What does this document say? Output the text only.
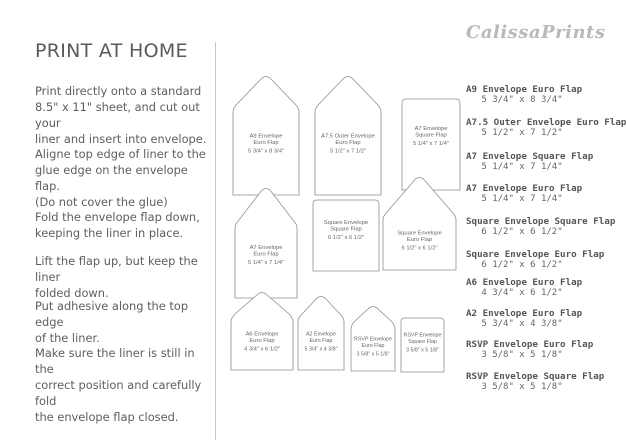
PRINT AT HOME

Print directly onto a standard
8.5" x 11" sheet, and cut out your
liner and insert into envelope.

Aligne top edge of liner to the
glue edge on the envelope flap.
(Do not cover the glue)

Fold the envelope flap down,
keeping the liner in place.

Lift the flap up, but keep the liner
folded down.

Put adhesive along the top edge
of the liner.

Make sure the liner is still in the
correct position and carefully fold
the envelope flap closed.

CalissaPrints
A9 Envelope
Euro Flap
5 3/4" x 8 3/4"
A7.5 Outer Envelope
Euro Flap
5 1/2" x 7 1/2"
A7 Envelope
Square Flap
5 1/4" x 7 1/4"
A7 Envelope
Euro Flap
5 1/4" x 7 1/4"
Square Envelope
Square Flap
6 1/2" x 6 1/2"
Square Envelope
Euro Flap
6 1/2" x 6 1/2"
A6 Envelope
Euro Flap
4 3/4" x 6 1/2"
A2 Envelope
Euro Flap
5 3/4" x 4 3/8"
RSVP Envelope
Euro Flap
3 5/8" x 5 1/8"
RSVP Envelope
Square Flap
3 5/8" x 5 1/8"
A9 Envelope Euro Flap
5 3/4" x 8 3/4"
A7.5 Outer Envelope Euro Flap
5 1/2" x 7 1/2"
A7 Envelope Square Flap
5 1/4" x 7 1/4"
A7 Envelope Euro Flap
5 1/4" x 7 1/4"
Square Envelope Square Flap
6 1/2" x 6 1/2"
Square Envelope Euro Flap
6 1/2" x 6 1/2"
A6 Envelope Euro Flap
4 3/4" x 6 1/2"
A2 Envelope Euro Flap
5 3/4" x 4 3/8"
RSVP Envelope Euro Flap
3 5/8" x 5 1/8"
RSVP Envelope Square Flap
3 5/8" x 5 1/8"
